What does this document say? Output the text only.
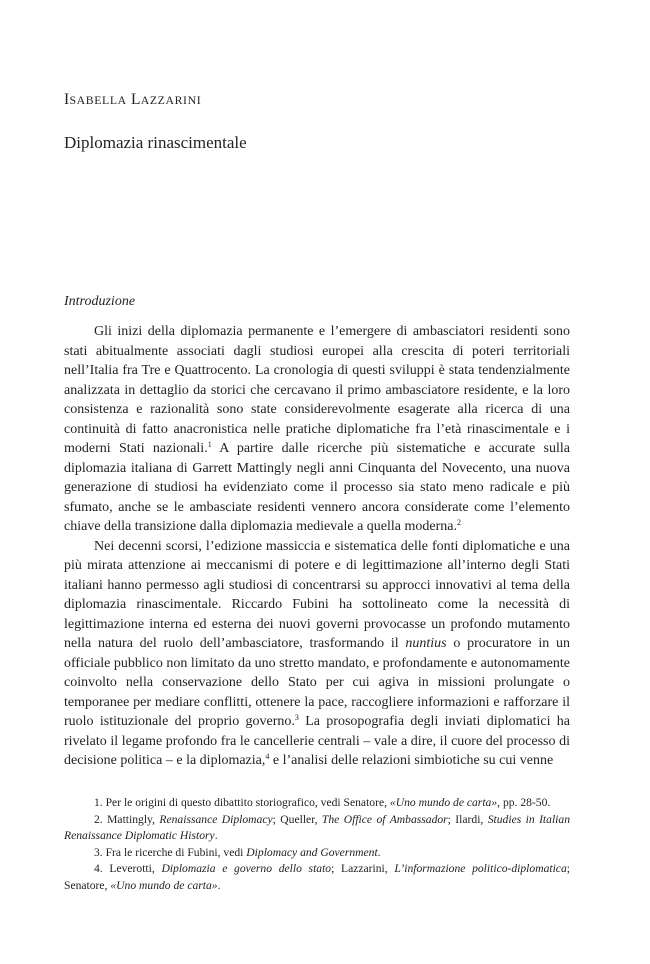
ISABELLA LAZZARINI
Diplomazia rinascimentale
Introduzione

Gli inizi della diplomazia permanente e l’emergere di ambasciatori residenti sono stati abitualmente associati dagli studiosi europei alla crescita di poteri territoriali nell’Italia fra Tre e Quattrocento. La cronologia di questi sviluppi è stata tendenzialmente analizzata in dettaglio da storici che cercavano il primo ambasciatore residente, e la loro consistenza e razionalità sono state considerevolmente esagerate alla ricerca di una continuità di fatto anacronistica nelle pratiche diplomatiche fra l’età rinascimentale e i moderni Stati nazionali.$^1$ A partire dalle ricerche più sistematiche e accurate sulla diplomazia italiana di Garrett Mattingly negli anni Cinquanta del Novecento, una nuova generazione di studiosi ha evidenziato come il processo sia stato meno radicale e più sfumato, anche se le ambasciate residenti vennero ancora considerate come l’elemento chiave della transizione dalla diplomazia medievale a quella moderna.$^2$

Nei decenni scorsi, l’edizione massiccia e sistematica delle fonti diplomatiche e una più mirata attenzione ai meccanismi di potere e di legittimazione all’interno degli Stati italiani hanno permesso agli studiosi di concentrarsi su approcci innovativi al tema della diplomazia rinascimentale. Riccardo Fubini ha sottolineato come la necessità di legittimazione interna ed esterna dei nuovi governi provocasse un profondo mutamento nella natura del ruolo dell’ambasciatore, trasformando il nuntius o procuratore in un officiale pubblico non limitato da uno stretto mandato, e profondamente e autonomamente coinvolto nella conservazione dello Stato per cui agiva in missioni prolungate o temporanee per mediare conflitti, ottenere la pace, raccogliere informazioni e rafforzare il ruolo istituzionale del proprio governo.$^3$ La prosopografia degli inviati diplomatici ha rivelato il legame profondo fra le cancellerie centrali – vale a dire, il cuore del processo di decisione politica – e la diplomazia,$^4$ e l’analisi delle relazioni simbiotiche su cui venne

1. Per le origini di questo dibattito storiografico, vedi Senatore, «Uno mundo de carta», pp. 28-50.

2. Mattingly, Renaissance Diplomacy; Queller, The Office of Ambassador; Ilardi, Studies in Italian Renaissance Diplomatic History.

3. Fra le ricerche di Fubini, vedi Diplomacy and Government.

4. Leverotti, Diplomazia e governo dello stato; Lazzarini, L’informazione politico-diplomatica; Senatore, «Uno mundo de carta».
